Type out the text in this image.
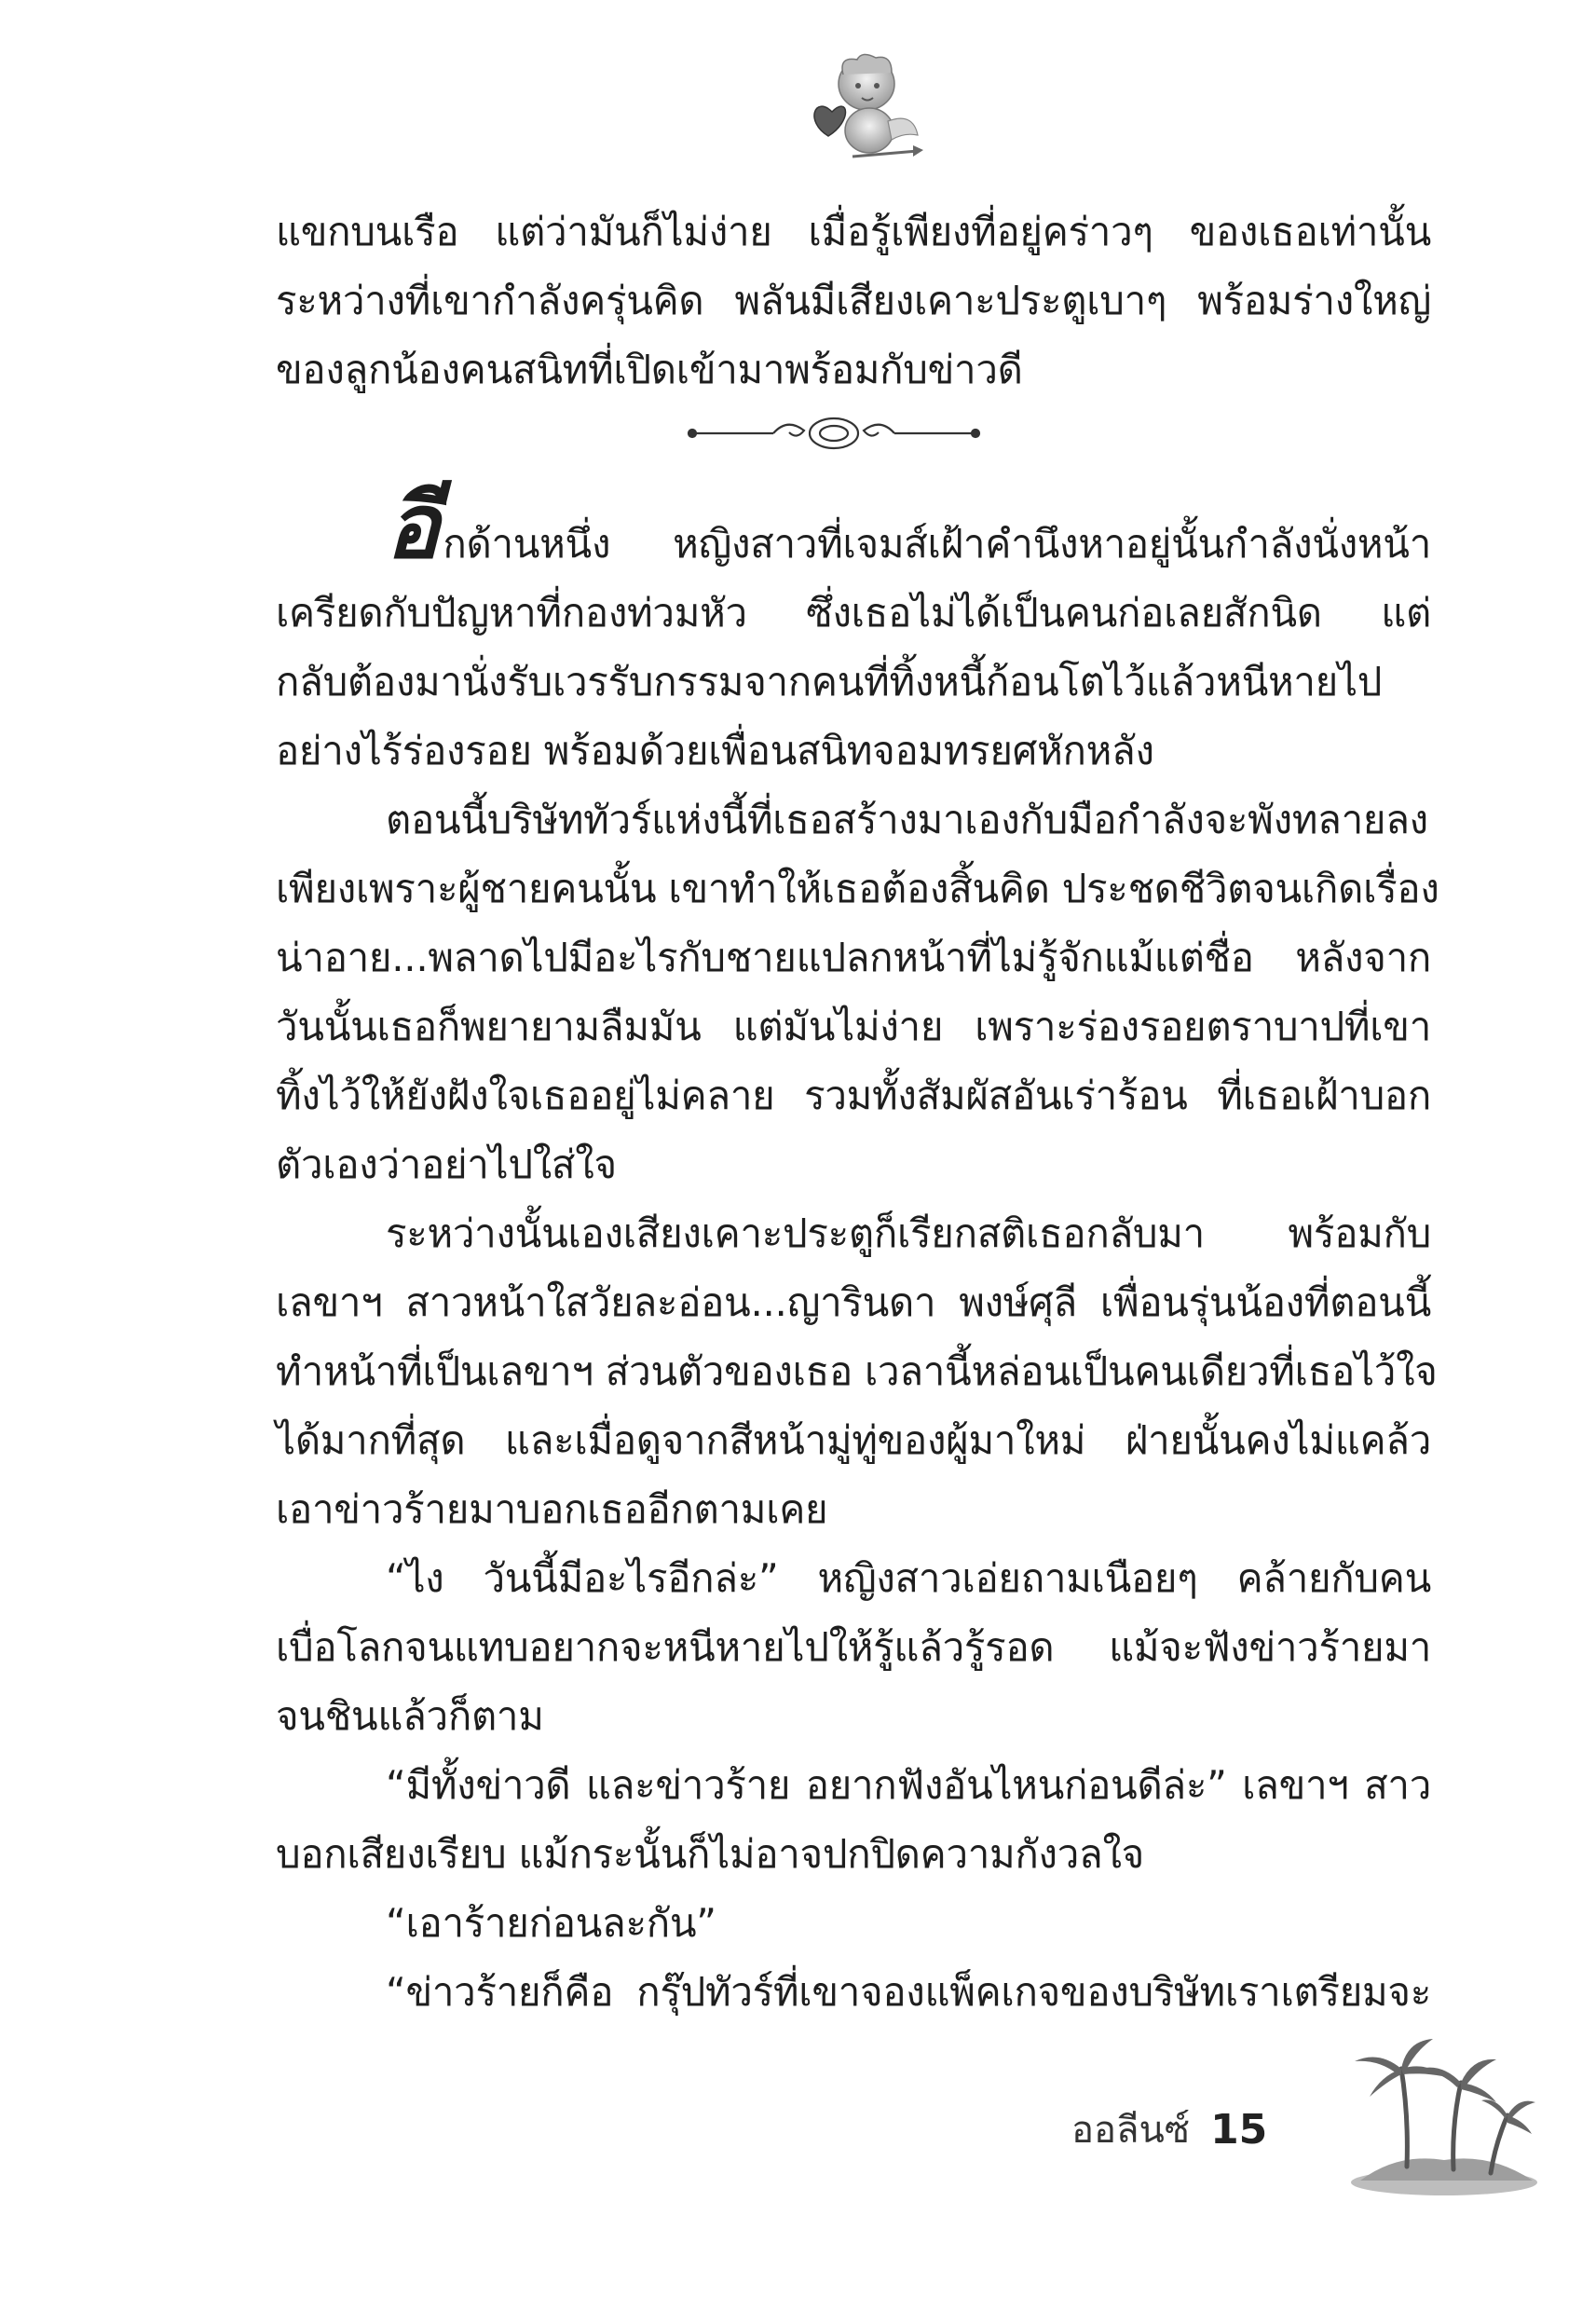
แขกบนเรือ แต่ว่ามันก็ไม่ง่าย เมื่อรู้เพียงที่อยู่คร่าวๆ ของเธอเท่านั้น
ระหว่างที่เขากำลังครุ่นคิด พลันมีเสียงเคาะประตูเบาๆ พร้อมร่างใหญ่
ของลูกน้องคนสนิทที่เปิดเข้ามาพร้อมกับข่าวดี
อีกด้านหนึ่ง หญิงสาวที่เจมส์เฝ้าคำนึงหาอยู่นั้นกำลังนั่งหน้า
เครียดกับปัญหาที่กองท่วมหัว ซึ่งเธอไม่ได้เป็นคนก่อเลยสักนิด แต่
กลับต้องมานั่งรับเวรรับกรรมจากคนที่ทิ้งหนี้ก้อนโตไว้แล้วหนีหายไป
อย่างไร้ร่องรอย พร้อมด้วยเพื่อนสนิทจอมทรยศหักหลัง
ตอนนี้บริษัททัวร์แห่งนี้ที่เธอสร้างมาเองกับมือกำลังจะพังทลายลง
เพียงเพราะผู้ชายคนนั้น เขาทำให้เธอต้องสิ้นคิด ประชดชีวิตจนเกิดเรื่อง
น่าอาย...พลาดไปมีอะไรกับชายแปลกหน้าที่ไม่รู้จักแม้แต่ชื่อ หลังจาก
วันนั้นเธอก็พยายามลืมมัน แต่มันไม่ง่าย เพราะร่องรอยตราบาปที่เขา
ทิ้งไว้ให้ยังฝังใจเธออยู่ไม่คลาย รวมทั้งสัมผัสอันเร่าร้อน ที่เธอเฝ้าบอก
ตัวเองว่าอย่าไปใส่ใจ
ระหว่างนั้นเองเสียงเคาะประตูก็เรียกสติเธอกลับมา พร้อมกับ
เลขาฯ สาวหน้าใสวัยละอ่อน...ญารินดา พงษ์ศุลี เพื่อนรุ่นน้องที่ตอนนี้
ทำหน้าที่เป็นเลขาฯ ส่วนตัวของเธอ เวลานี้หล่อนเป็นคนเดียวที่เธอไว้ใจ
ได้มากที่สุด และเมื่อดูจากสีหน้ามู่ทู่ของผู้มาใหม่ ฝ่ายนั้นคงไม่แคล้ว
เอาข่าวร้ายมาบอกเธออีกตามเคย
“ไง วันนี้มีอะไรอีกล่ะ” หญิงสาวเอ่ยถามเนือยๆ คล้ายกับคน
เบื่อโลกจนแทบอยากจะหนีหายไปให้รู้แล้วรู้รอด แม้จะฟังข่าวร้ายมา
จนชินแล้วก็ตาม
“มีทั้งข่าวดี และข่าวร้าย อยากฟังอันไหนก่อนดีล่ะ” เลขาฯ สาว
บอกเสียงเรียบ แม้กระนั้นก็ไม่อาจปกปิดความกังวลใจ
“เอาร้ายก่อนละกัน”
“ข่าวร้ายก็คือ กรุ๊ปทัวร์ที่เขาจองแพ็คเกจของบริษัทเราเตรียมจะ
ออลีนซ์ 15
